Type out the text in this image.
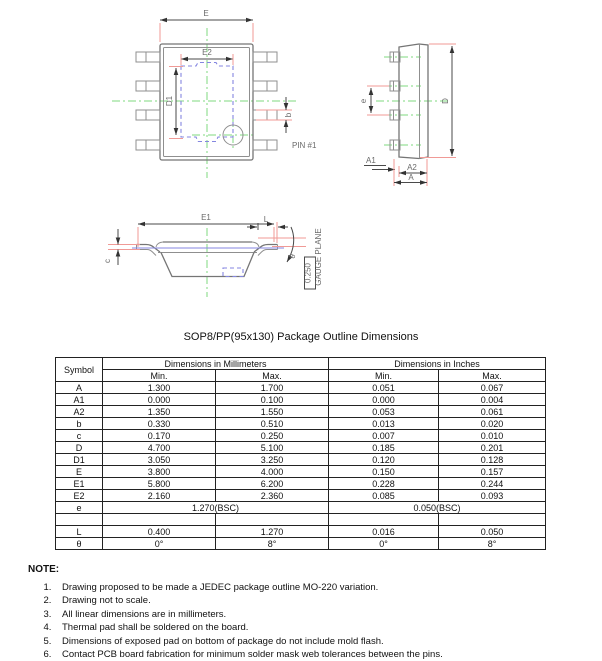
E
E2
D1
b
PIN #1
D
e
A1
A2
A
E1
c
L
θ
0.250 GAUGE PLANE
SOP8/PP(95x130) Package Outline Dimensions
Symbol	Dimensions in Millimeters		Dimensions in Inches	
	Min.	Max.	Min.	Max.
A	1.300	1.700	0.051	0.067
A1	0.000	0.100	0.000	0.004
A2	1.350	1.550	0.053	0.061
b	0.330	0.510	0.013	0.020
c	0.170	0.250	0.007	0.010
D	4.700	5.100	0.185	0.201
D1	3.050	3.250	0.120	0.128
E	3.800	4.000	0.150	0.157
E1	5.800	6.200	0.228	0.244
E2	2.160	2.360	0.085	0.093
e	1.270(BSC)		0.050(BSC)	

L	0.400	1.270	0.016	0.050
θ	0°	8°	0°	8°
NOTE:
1. Drawing proposed to be made a JEDEC package outline MO-220 variation.
2. Drawing not to scale.
3. All linear dimensions are in millimeters.
4. Thermal pad shall be soldered on the board.
5. Dimensions of exposed pad on bottom of package do not include mold flash.
6. Contact PCB board fabrication for minimum solder mask web tolerances between the pins.
